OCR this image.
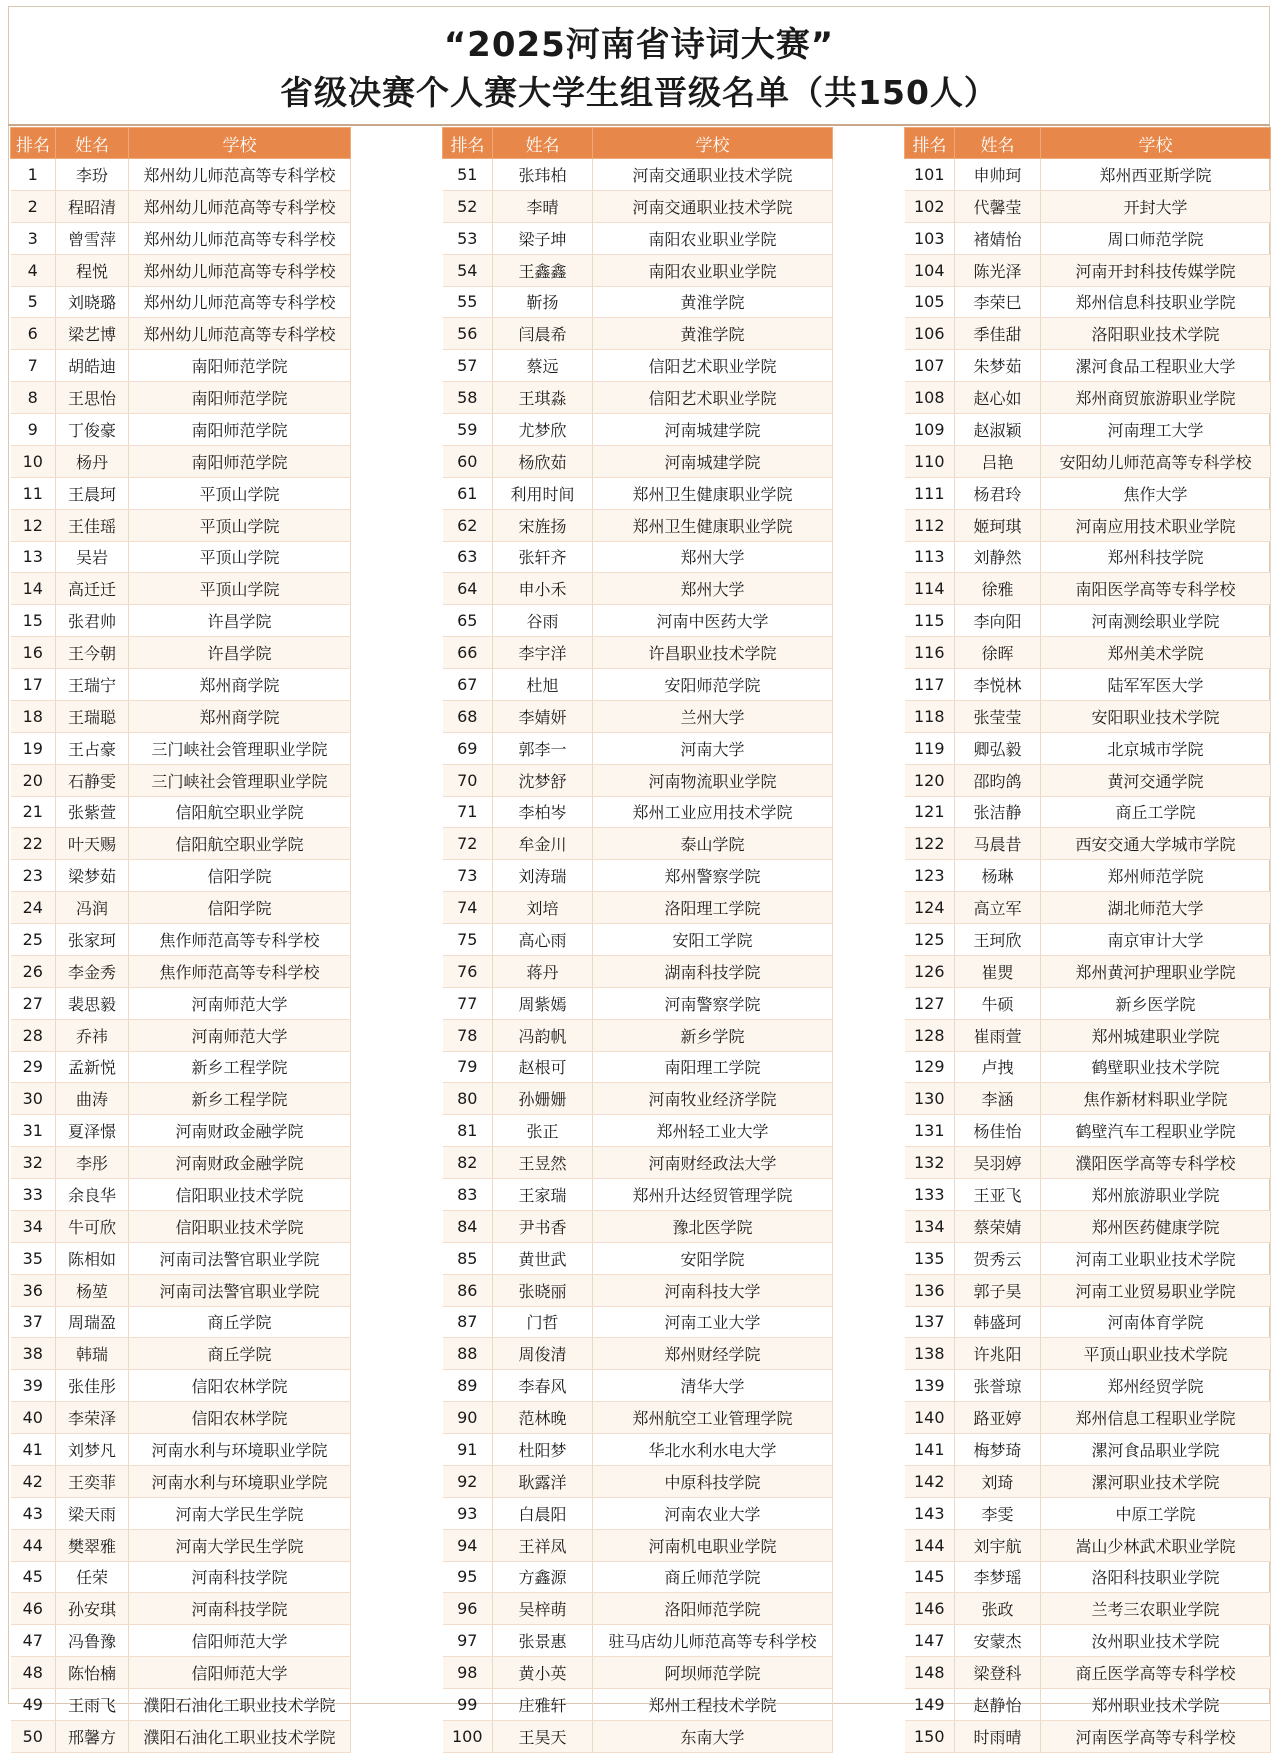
“2025河南省诗词大赛”
省级决赛个人赛大学生组晋级名单（共150人）
排名	姓名	学校
1	李玢	郑州幼儿师范高等专科学校
2	程昭清	郑州幼儿师范高等专科学校
3	曾雪萍	郑州幼儿师范高等专科学校
4	程悦	郑州幼儿师范高等专科学校
5	刘晓璐	郑州幼儿师范高等专科学校
6	梁艺博	郑州幼儿师范高等专科学校
7	胡皓迪	南阳师范学院
8	王思怡	南阳师范学院
9	丁俊豪	南阳师范学院
10	杨丹	南阳师范学院
11	王晨珂	平顶山学院
12	王佳瑶	平顶山学院
13	吴岩	平顶山学院
14	高迁迁	平顶山学院
15	张君帅	许昌学院
16	王今朝	许昌学院
17	王瑞宁	郑州商学院
18	王瑞聪	郑州商学院
19	王占豪	三门峡社会管理职业学院
20	石静雯	三门峡社会管理职业学院
21	张紫萱	信阳航空职业学院
22	叶天赐	信阳航空职业学院
23	梁梦茹	信阳学院
24	冯润	信阳学院
25	张家珂	焦作师范高等专科学校
26	李金秀	焦作师范高等专科学校
27	裴思毅	河南师范大学
28	乔祎	河南师范大学
29	孟新悦	新乡工程学院
30	曲涛	新乡工程学院
31	夏泽憬	河南财政金融学院
32	李彤	河南财政金融学院
33	余良华	信阳职业技术学院
34	牛可欣	信阳职业技术学院
35	陈相如	河南司法警官职业学院
36	杨堃	河南司法警官职业学院
37	周瑞盈	商丘学院
38	韩瑞	商丘学院
39	张佳彤	信阳农林学院
40	李荣泽	信阳农林学院
41	刘梦凡	河南水利与环境职业学院
42	王奕菲	河南水利与环境职业学院
43	梁天雨	河南大学民生学院
44	樊翠雅	河南大学民生学院
45	任荣	河南科技学院
46	孙安琪	河南科技学院
47	冯鲁豫	信阳师范大学
48	陈怡楠	信阳师范大学
49	王雨飞	濮阳石油化工职业技术学院
50	邢馨方	濮阳石油化工职业技术学院
排名	姓名	学校
51	张玮柏	河南交通职业技术学院
52	李晴	河南交通职业技术学院
53	梁子坤	南阳农业职业学院
54	王鑫鑫	南阳农业职业学院
55	靳扬	黄淮学院
56	闫晨希	黄淮学院
57	蔡远	信阳艺术职业学院
58	王琪淼	信阳艺术职业学院
59	尤梦欣	河南城建学院
60	杨欣茹	河南城建学院
61	利用时间	郑州卫生健康职业学院
62	宋旌扬	郑州卫生健康职业学院
63	张轩齐	郑州大学
64	申小禾	郑州大学
65	谷雨	河南中医药大学
66	李宇洋	许昌职业技术学院
67	杜旭	安阳师范学院
68	李婧妍	兰州大学
69	郭李一	河南大学
70	沈梦舒	河南物流职业学院
71	李柏岑	郑州工业应用技术学院
72	牟金川	泰山学院
73	刘涛瑞	郑州警察学院
74	刘培	洛阳理工学院
75	高心雨	安阳工学院
76	蒋丹	湖南科技学院
77	周紫嫣	河南警察学院
78	冯韵帆	新乡学院
79	赵根可	南阳理工学院
80	孙姗姗	河南牧业经济学院
81	张正	郑州轻工业大学
82	王昱然	河南财经政法大学
83	王家瑞	郑州升达经贸管理学院
84	尹书香	豫北医学院
85	黄世武	安阳学院
86	张晓丽	河南科技大学
87	门哲	河南工业大学
88	周俊清	郑州财经学院
89	李春风	清华大学
90	范林晚	郑州航空工业管理学院
91	杜阳梦	华北水利水电大学
92	耿露洋	中原科技学院
93	白晨阳	河南农业大学
94	王祥凤	河南机电职业学院
95	方鑫源	商丘师范学院
96	吴梓萌	洛阳师范学院
97	张景惠	驻马店幼儿师范高等专科学校
98	黄小英	阿坝师范学院
99	庄雅轩	郑州工程技术学院
100	王昊天	东南大学
排名	姓名	学校
101	申帅珂	郑州西亚斯学院
102	代馨莹	开封大学
103	褚婧怡	周口师范学院
104	陈光泽	河南开封科技传媒学院
105	李荣巳	郑州信息科技职业学院
106	季佳甜	洛阳职业技术学院
107	朱梦茹	漯河食品工程职业大学
108	赵心如	郑州商贸旅游职业学院
109	赵淑颖	河南理工大学
110	吕艳	安阳幼儿师范高等专科学校
111	杨君玲	焦作大学
112	姬珂琪	河南应用技术职业学院
113	刘静然	郑州科技学院
114	徐雅	南阳医学高等专科学校
115	李向阳	河南测绘职业学院
116	徐晖	郑州美术学院
117	李悦林	陆军军医大学
118	张莹莹	安阳职业技术学院
119	卿弘毅	北京城市学院
120	邵昀鸽	黄河交通学院
121	张洁静	商丘工学院
122	马晨昔	西安交通大学城市学院
123	杨琳	郑州师范学院
124	高立军	湖北师范大学
125	王珂欣	南京审计大学
126	崔煛	郑州黄河护理职业学院
127	牛硕	新乡医学院
128	崔雨萱	郑州城建职业学院
129	卢拽	鹤壁职业技术学院
130	李涵	焦作新材料职业学院
131	杨佳怡	鹤壁汽车工程职业学院
132	吴羽婷	濮阳医学高等专科学校
133	王亚飞	郑州旅游职业学院
134	蔡荣婧	郑州医药健康学院
135	贺秀云	河南工业职业技术学院
136	郭子昊	河南工业贸易职业学院
137	韩盛珂	河南体育学院
138	许兆阳	平顶山职业技术学院
139	张誉琼	郑州经贸学院
140	路亚婷	郑州信息工程职业学院
141	梅梦琦	漯河食品职业学院
142	刘琦	漯河职业技术学院
143	李雯	中原工学院
144	刘宇航	嵩山少林武术职业学院
145	李梦瑶	洛阳科技职业学院
146	张政	兰考三农职业学院
147	安蒙杰	汝州职业技术学院
148	梁登科	商丘医学高等专科学校
149	赵静怡	郑州职业技术学院
150	时雨晴	河南医学高等专科学校
